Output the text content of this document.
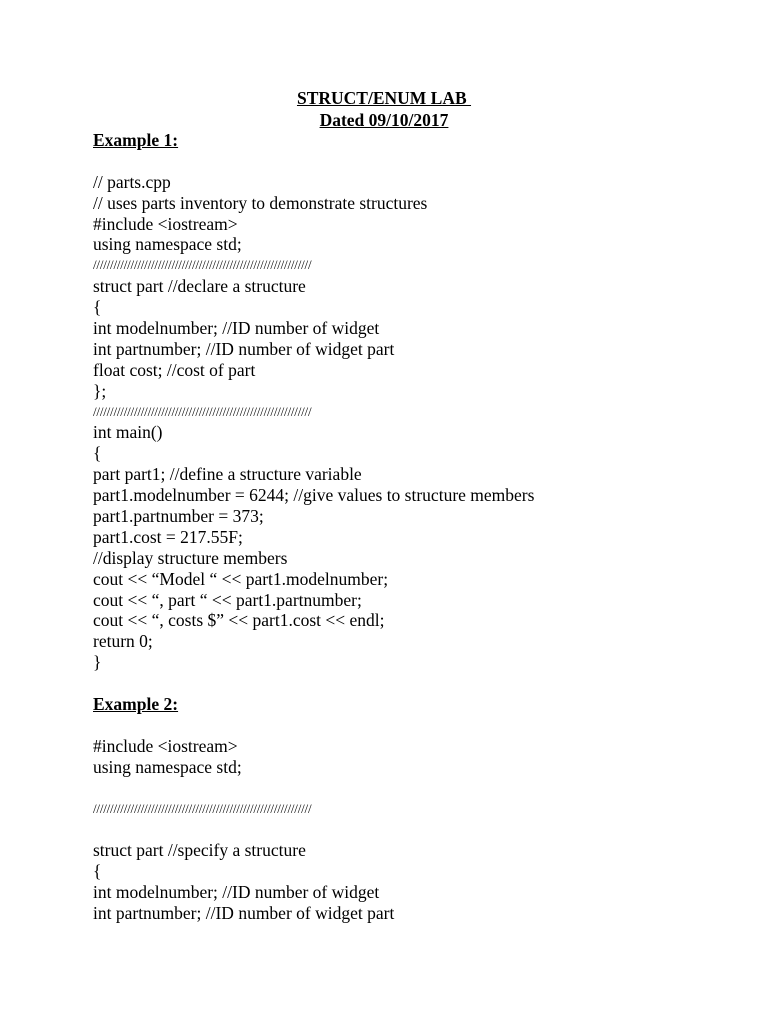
STRUCT/ENUM LAB
Dated 09/10/2017
Example 1:
// parts.cpp
// uses parts inventory to demonstrate structures
#include <iostream>
using namespace std;
////////////////////////////////////////////////////////////////
struct part //declare a structure
{
int modelnumber; //ID number of widget
int partnumber; //ID number of widget part
float cost; //cost of part
};
////////////////////////////////////////////////////////////////
int main()
{
part part1; //define a structure variable
part1.modelnumber = 6244; //give values to structure members
part1.partnumber = 373;
part1.cost = 217.55F;
//display structure members
cout << “Model “ << part1.modelnumber;
cout << “, part “ << part1.partnumber;
cout << “, costs $” << part1.cost << endl;
return 0;
}
Example 2:
#include <iostream>
using namespace std;
////////////////////////////////////////////////////////////////
struct part //specify a structure
{
int modelnumber; //ID number of widget
int partnumber; //ID number of widget part
